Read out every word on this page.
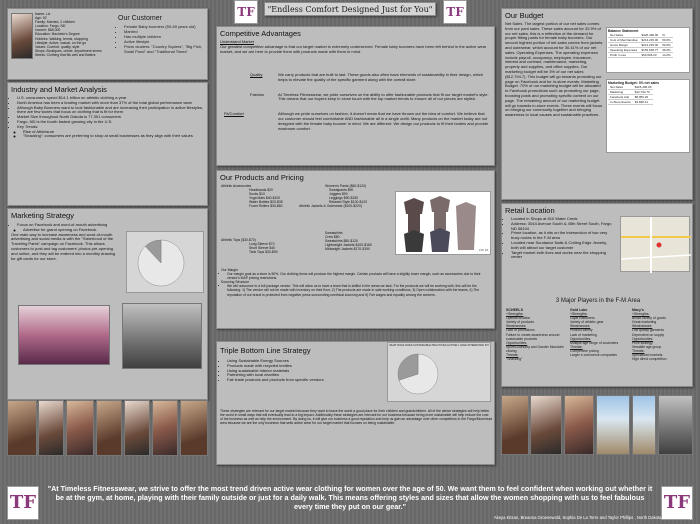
TF	TF
"Endless Comfort Designed Just for You"
Name: Liz
Age: 52
Family: Married, 2 children
Location: Fargo, ND
Income: $85,000
Education: Bachelor's Degree
Hobbies: Walking, tennis, shopping
Lifestyle: Active, casual, on the go
Values: Comfort, quality, style
Shops: Boutiques, online, department stores
Needs: Clothing that fits well and flatters
Our Customer
• Female Baby boomers (50-69 years old)
• Married
• Has multiple children
• Active lifestyle
• Prizm clusters: "Country Squires", "Big Fish, Small Pond" and "Traditional Times"
Industry and Market Analysis
• U.S. consumers spend $14.1 billion on athletic clothing a year
• North America has been a leading market with more than 37% of the total global performance wear
• Although Baby Boomers want to look fashionable and are increasing their participation in active lifestyles, there are few stores that focus on clothing that is fit for them
• Market Size throughout North Dakota is 77,301 consumers
• Fargo, ND is the fourth fastest growing city in the U.S.
• Key Trends:
◦ Rise of Athleisure
◦ "Snacking": consumers are preferring to shop at small businesses as they align with their values
Marketing Strategy
• Focus on Facebook and word-of-mouth advertising
◦ Advertise for grand opening on Facebook
One main way to increase awareness and word-of-mouth advertising and social media is with the "Sisterhood of the Traveling Pants" campaign on Facebook. This allows customers to post and tag customers' photos pre-opening and online, and they will be entered into a monthly drawing for gift cards for our store.
Competitive Advantages
Understand Market
Our greatest competitive advantage is that our target market is extremely underserved. Female baby boomers have been left behind in the active wear market, and we are here to provide them with products made with them in mind.
Quality	We carry products that are built to last. These goods also often have elements of sustainability in their design, which helps to elevate the quality of the specific garment along with the overall store.
Fashion	At Timeless Fitnesswear, we pride ourselves on the ability to offer fashionable products that fit our target market's style. This means that our buyers keep in close touch with the top market trends to ensure all of our pieces are stylish.
Fit/Comfort	Although we pride ourselves on fashion, it doesn't mean that we have thrown out the idea of comfort. We believe that our customer should feel comfortable AND fashionable all in a single outfit. Many products on the market today are not designed with the female baby boomer in mind. We are different. We design our products to fit their bodies and provide maximum comfort.
Our Products and Pricing
Athletic Accessories
Headbands $20
Socks $10
Yoga Mats $40-$100
Water Bottles $20-$35
Foam Rollers $30-$60
Women's Pants ($60-$120)
Sweatpants $90
Joggers $90
Leggings $90-$150
Relaxed Style $100-$120
Athletic Jackets & Outerwear ($100-$220)
Athletic Tops ($30-$70)
Long Sleeve $70
Short Sleeve $40
Tank Tops $30-$50
Sweatshirts
Crew $80
Sweatshirts $80-$120
Lightweight Jackets $100-$160
Midweight Jackets $170-$190	FW 18
Our Margin
• Our margin goal as a store is 50%. Our clothing items will produce the highest margin. Certain products will have a slightly lower margin, such as accessories due to their vendor's MAP pricing restrictions.
Sourcing Structure
• We will outsource to a full package vendor. This will allow us to have a team that is skillful in the areas we lack. For the products we will be working with, this will be the following: 1) The vendor will not be made with inventory on their floor, 2) The products are made in safe working conditions, 3) Open collaboration with the teams, 4) The reputation of our brand is protected from negative press surrounding unethical sourcing and 5) Fair wages and equality among the workers.
Triple Bottom Line Strategy
• Using Sustainable Energy Sources
• Products made with recycled textiles
• Using sustainable interior materials
• Partnering with local charities
• Fair trade products and products from specific vendors
WHAT ROLE DOES SUSTAINABLE PRACTICES ACTIVELY HAVE INTERESTED IN?
These strategies are relevant for our target market because they want to leave the world a good place for their children and grandchildren. All of the above strategies will help better the world in small ways that will eventually lead to a big impact. Additionally these strategies are relevant for our business because being more sustainable will help reduce the cost of the business as well as help the environment. By doing so, it will give our business a good reputation and help us gain an advantage over other competitors in the Fargo/Moorhead area because we are the only business that sells active wear for our target market that focuses on being sustainable.
Our Budget
Net Sales. The largest portion of our net sales comes from our pant sales. These sales account for 32.9% of our net sales, this is a reflection of the demand for proper fitting pants for female baby boomers. Our second highest portion of net sales comes from jackets and outerwear, which account for 30.41% of our net sales. Operating Expenses. The operating expenses include payroll, occupancy, employee, insurance, interest and contract, maintenance, marketing, property and supplies, and office supplies. Our marketing budget will be 3% of our net sales ($12,794.7). This budget will go towards promoting our page on Facebook and for in-store events. Marketing Budget. 70% of our marketing budget will be allocated to Facebook promotions such as promoting our page, boosting posts and promoting specific content on our page. The remaining amount of our marketing budget will go towards in-store events. These events will focus on bringing our community together and bringing awareness to local causes and sustainable practices.
Balance Statement
Net Sales	$426,490.00	%
Cost of Merchandise	$213,245.00	50.0%
Gross Margin	$213,245.00	50.0%
Operating Expenses	$153,548.77	36.0%
Profit / Loss	$59,696.23	14.0%
Marketing Budget: 3% net sales
Net Sales	$426,490.00
Marketing	$12,794.70
Facebook Ads	$8,956.29
In-Store Events	$3,838.41
Retail Location
• Located in Shops at 810 Water Creek
• Address: 3044 Avenue South & 45th Street South, Fargo ND 58104
• Prime location, as it sits on the intersection of two very busy routes in the F-M area
• Located near Sundance Nails & Cutting Edge Jewelry, both will attract our target customer
• Target market both lives and works near the shopping center
3 Major Players in the F-M Area
SCHEELS
+Strengths:
Optimal location
Variety of products
Weaknesses:
Lack of promotions
Failure to create awareness around sustainable products
Opportunities:
Sports Authority and Gander Mountain closing
Threats:
"Snacking"
Gold Lake
+Strengths:
Loyal customers
Variety of athletic gear
Weaknesses:
Product variety
Lack of marketing
Opportunities:
Multiple age range of customers
Threats:
Competitive pricing
Larger e-commerce companies
Macy's
+Strengths:
Broad variety of goods
Great marketing
Weaknesses:
Low quality garments
Dependent on supply
Opportunities:
Price strategy
Versatile age group
Threats:
Specialized markets
High direct competition
TF	TF
"At Timeless Fitnesswear, we strive to offer the most trend driven active wear clothing for women over the age of 50. We want them to feel confident when working out whether it be at the gym, at home, playing with their family outside or just for a daily walk. This means offering styles and sizes that allow the women shopping with us to feel fabulous every time they put on our gear."
Akeya Kitzan, Breanna Groenewold, Sophia De La Torre and Taylor Phillips , North Dakota State University
